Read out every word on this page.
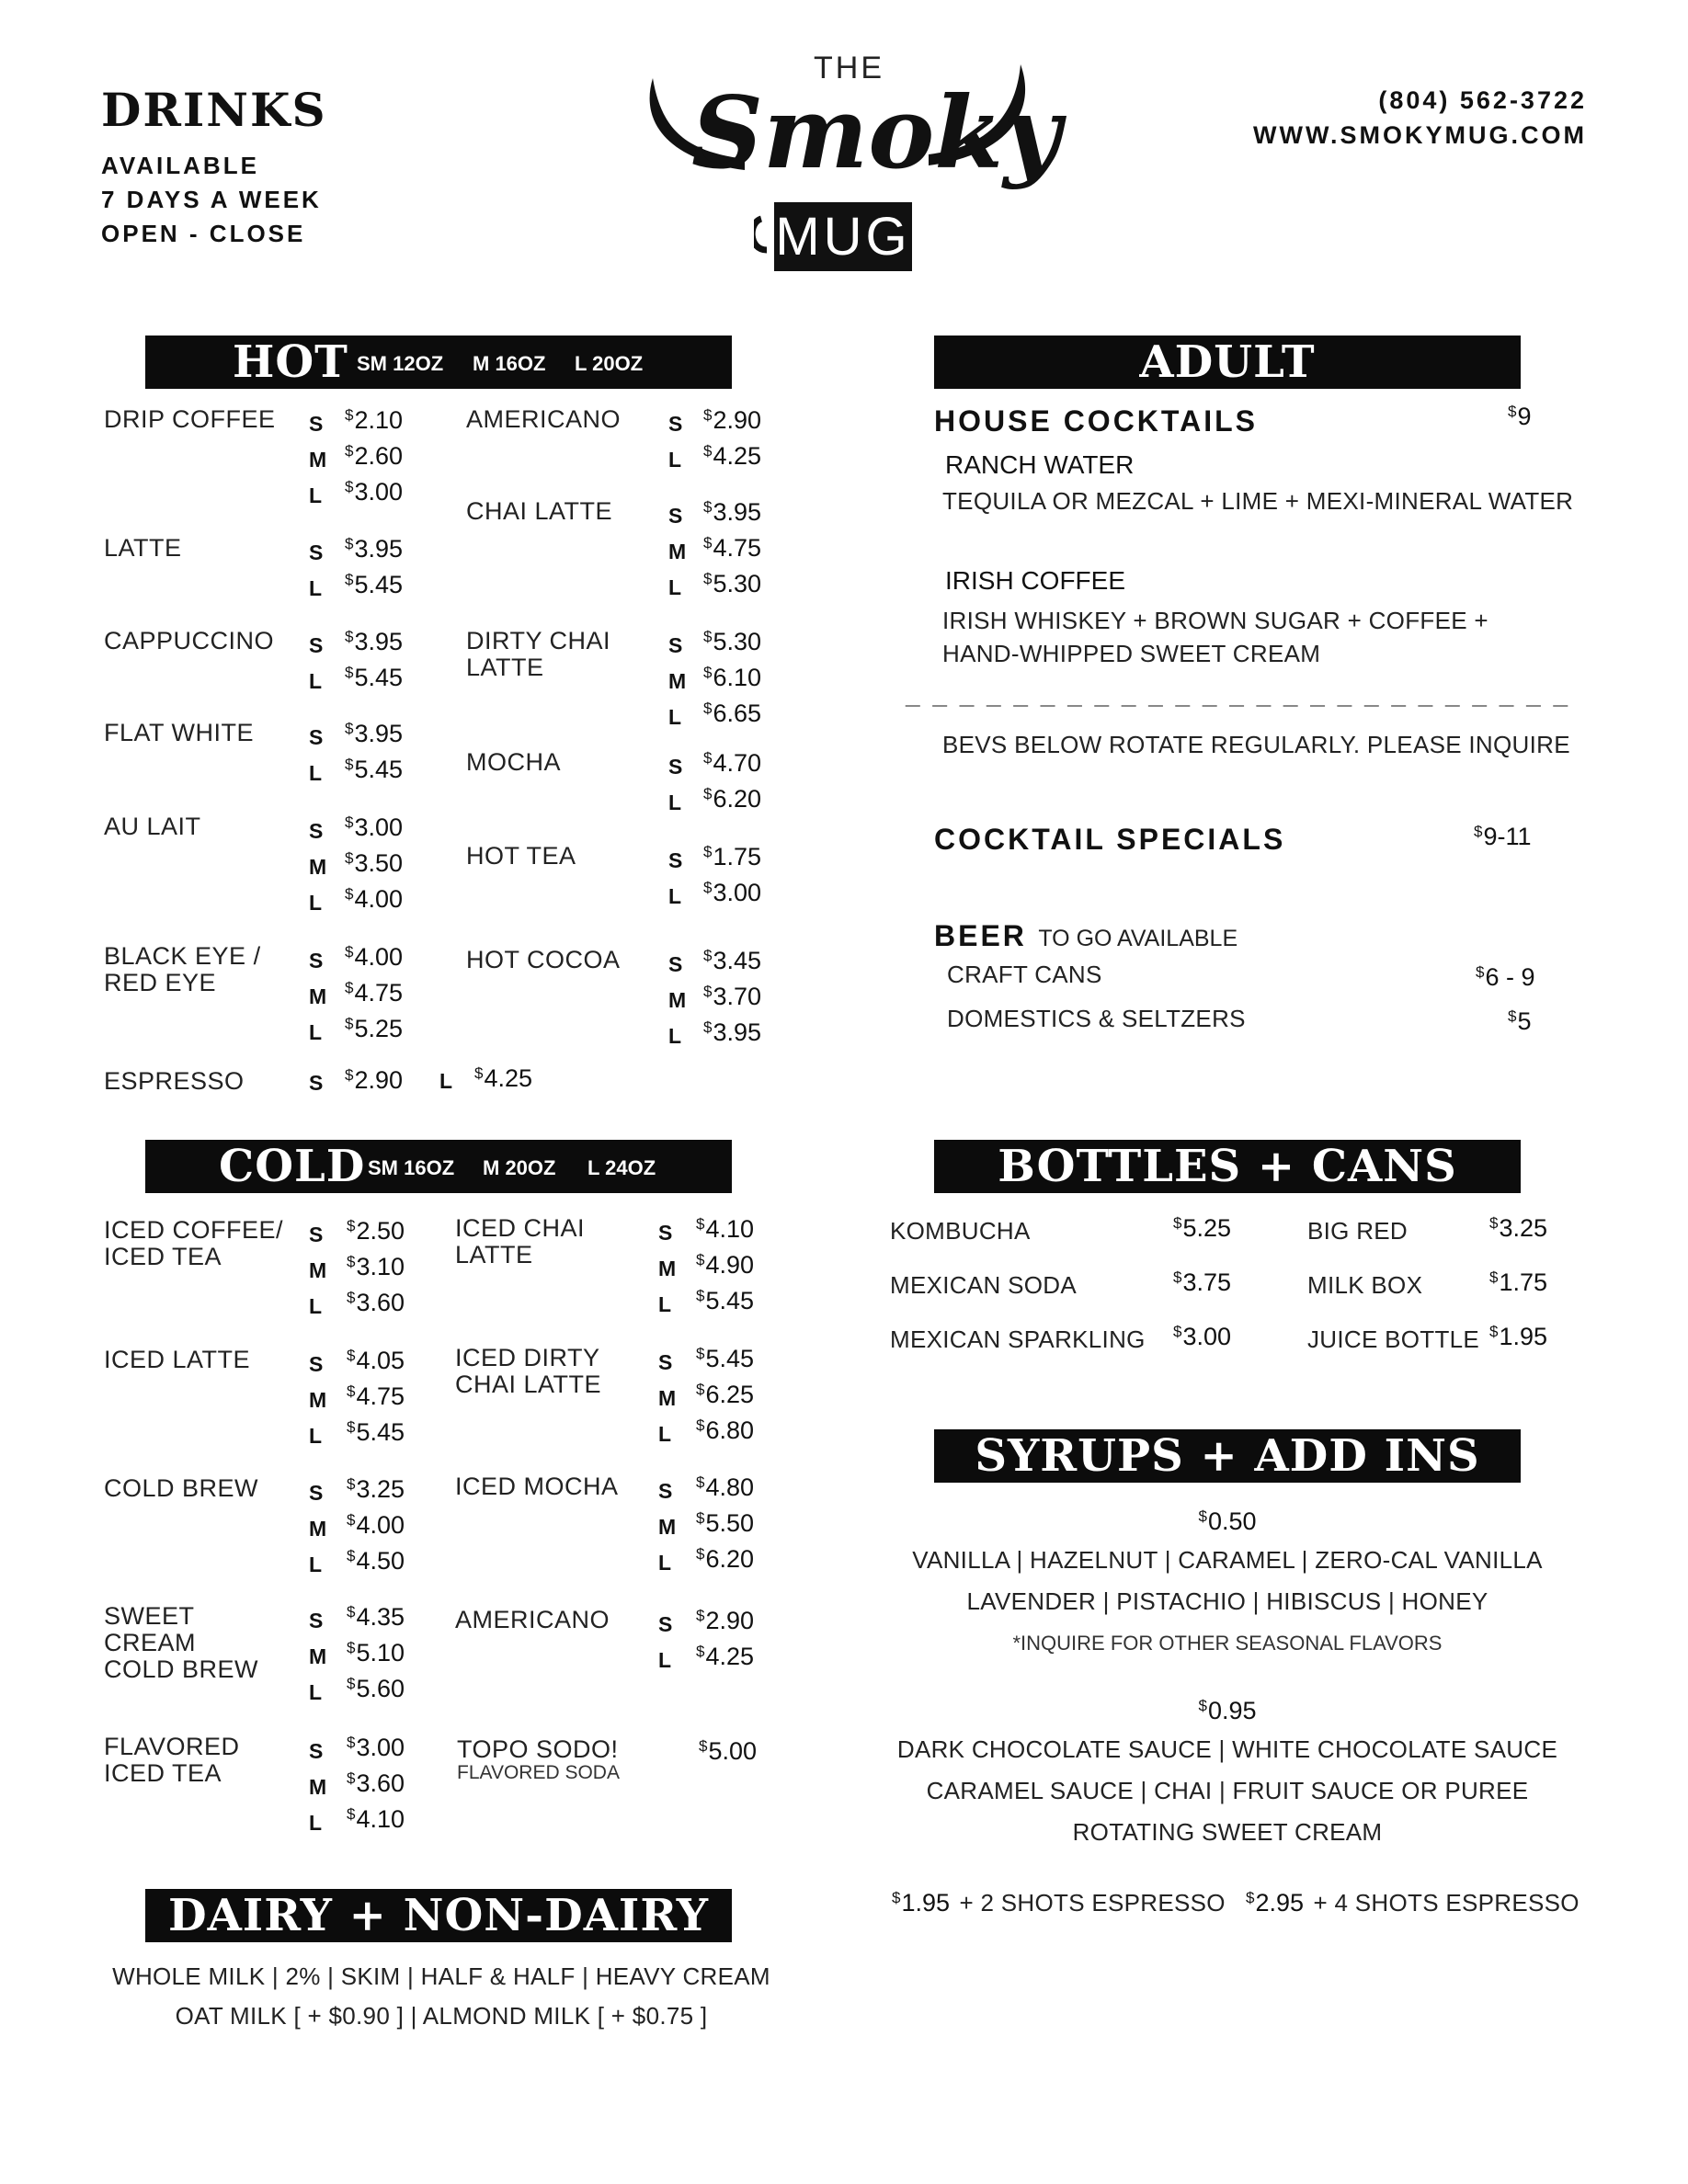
DRINKS
AVAILABLE
7 DAYS A WEEK
OPEN - CLOSE
THE
Smoky
MUG
(804) 562-3722
WWW.SMOKYMUG.COM
HOT SM 12OZ M 16OZ L 20OZ
DRIP COFFEE S $2.10
M $2.60
L $3.00
LATTE	S $3.95
L $5.45
CAPPUCCINO S $3.95
L $5.45
FLAT WHITE	S $3.95
L $5.45
AU LAIT	S $3.00
M $3.50
L $4.00
BLACK EYE /
RED EYE
S $4.00
M $4.75
L $5.25
AMERICANO S $2.90
L $4.25
CHAI LATTE	S $3.95
M $4.75
L $5.30
DIRTY CHAI
LATTE
S $5.30
M $6.10
L $6.65
MOCHA	S $4.70
L $6.20
HOT TEA	S $1.75
L $3.00
HOT COCOA S $3.45
M $3.70
L $3.95
ESPRESSO	S $2.90 L $4.25
COLD SM 16OZ M 20OZ L 24OZ
ICED COFFEE/
ICED TEA
S $2.50
M $3.10
L $3.60
ICED LATTE	S $4.05
M $4.75
L $5.45
COLD BREW S $3.25
M $4.00
L $4.50
SWEET
CREAM
COLD BREW
S $4.35
M $5.10
L $5.60
FLAVORED
ICED TEA
S $3.00
M $3.60
L $4.10
ICED CHAI
LATTE
S $4.10
M $4.90
L $5.45
ICED DIRTY
CHAI LATTE
S $5.45
M $6.25
L $6.80
ICED MOCHA S $4.80
M $5.50
L $6.20
AMERICANO S $2.90
L $4.25
TOPO SODO!
FLAVORED SODA
$5.00
DAIRY + NON-DAIRY
WHOLE MILK | 2% | SKIM | HALF & HALF | HEAVY CREAM
OAT MILK [ + $0.90 ] | ALMOND MILK [ + $0.75 ]
ADULT
HOUSE COCKTAILS	$9
RANCH WATER
TEQUILA OR MEZCAL + LIME + MEXI-MINERAL WATER
IRISH COFFEE
IRISH WHISKEY + BROWN SUGAR + COFFEE +
HAND-WHIPPED SWEET CREAM
_ _ _ _ _ _ _ _ _ _ _ _ _ _ _ _ _ _ _ _ _ _ _ _ _
BEVS BELOW ROTATE REGULARLY. PLEASE INQUIRE
COCKTAIL SPECIALS	$9-11
BEER TO GO AVAILABLE
CRAFT CANS	$6 - 9
DOMESTICS & SELTZERS	$5
BOTTLES + CANS
KOMBUCHA	$5.25
MEXICAN SODA	$3.75
MEXICAN SPARKLING $3.00
BIG RED	$3.25
MILK BOX	$1.75
JUICE BOTTLE $1.95
SYRUPS + ADD INS
$0.50
VANILLA | HAZELNUT | CARAMEL | ZERO-CAL VANILLA
LAVENDER | PISTACHIO | HIBISCUS | HONEY
*INQUIRE FOR OTHER SEASONAL FLAVORS
$0.95
DARK CHOCOLATE SAUCE | WHITE CHOCOLATE SAUCE
CARAMEL SAUCE | CHAI | FRUIT SAUCE OR PUREE
ROTATING SWEET CREAM
$1.95 + 2 SHOTS ESPRESSO $2.95 + 4 SHOTS ESPRESSO
